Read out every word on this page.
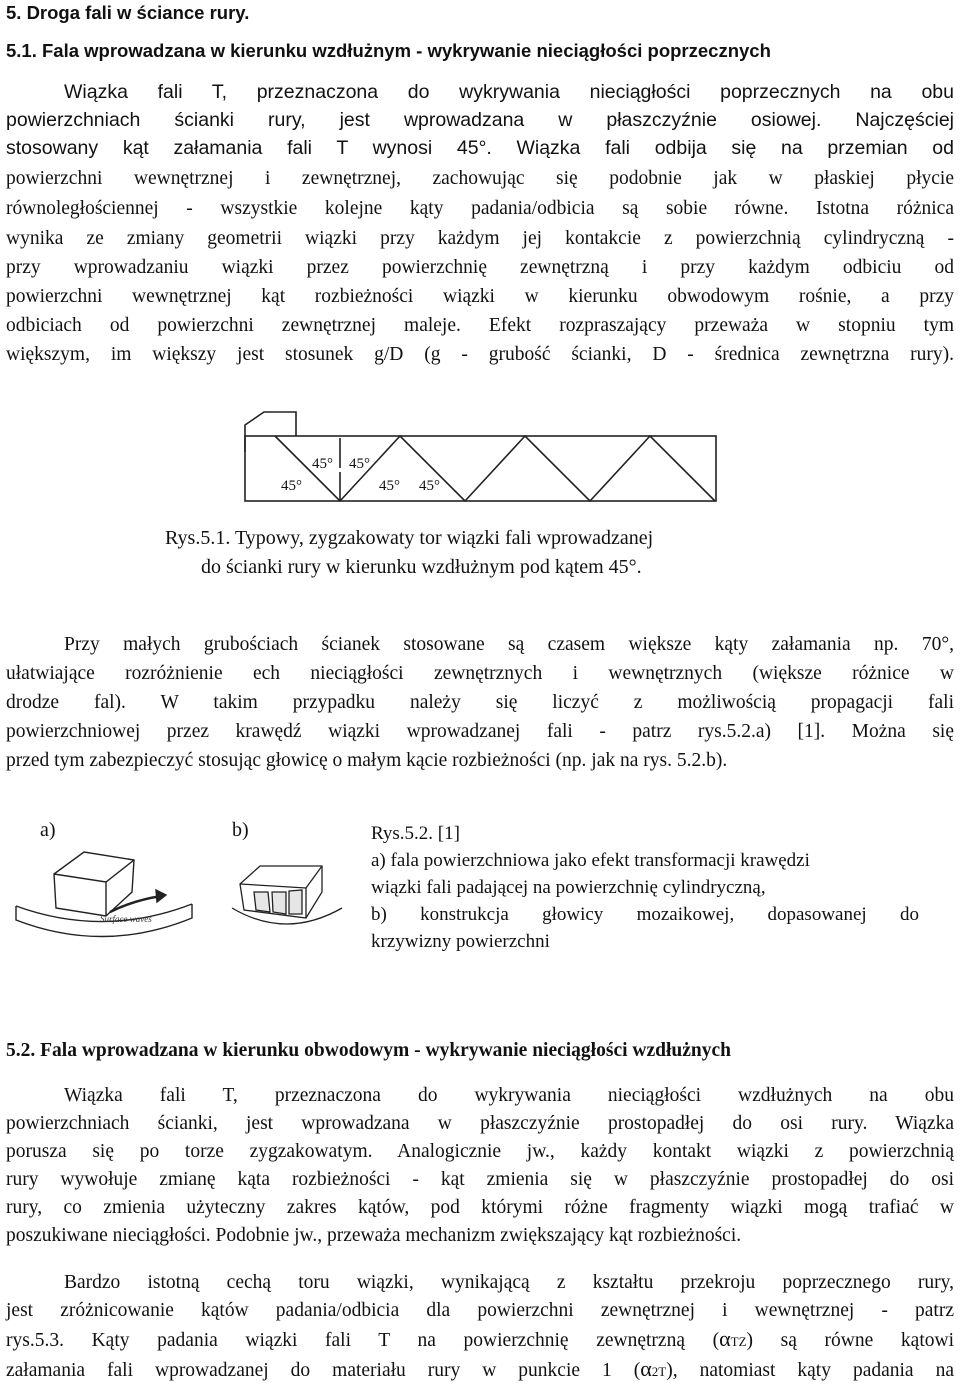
5. Droga fali w ściance rury.
5.1. Fala wprowadzana w kierunku wzdłużnym - wykrywanie nieciągłości poprzecznych
Wiązka fali T, przeznaczona do wykrywania nieciągłości poprzecznych na obu
powierzchniach ścianki rury, jest wprowadzana w płaszczyźnie osiowej. Najczęściej
stosowany kąt załamania fali T wynosi 45°. Wiązka fali odbija się na przemian od
powierzchni wewnętrznej i zewnętrznej, zachowując się podobnie jak w płaskiej płycie
równoległościennej - wszystkie kolejne kąty padania/odbicia są sobie równe. Istotna różnica
wynika ze zmiany geometrii wiązki przy każdym jej kontakcie z powierzchnią cylindryczną -
przy wprowadzaniu wiązki przez powierzchnię zewnętrzną i przy każdym odbiciu od
powierzchni wewnętrznej kąt rozbieżności wiązki w kierunku obwodowym rośnie, a przy
odbiciach od powierzchni zewnętrznej maleje. Efekt rozpraszający przeważa w stopniu tym
większym, im większy jest stosunek g/D (g - grubość ścianki, D - średnica zewnętrzna rury).
45° 45°
45°	45° 45°
Rys.5.1. Typowy, zygzakowaty tor wiązki fali wprowadzanej
do ścianki rury w kierunku wzdłużnym pod kątem 45°.
Przy małych grubościach ścianek stosowane są czasem większe kąty załamania np. 70°,
ułatwiające rozróżnienie ech nieciągłości zewnętrznych i wewnętrznych (większe różnice w
drodze fal). W takim przypadku należy się liczyć z możliwością propagacji fali
powierzchniowej przez krawędź wiązki wprowadzanej fali - patrz rys.5.2.a) [1]. Można się
przed tym zabezpieczyć stosując głowicę o małym kącie rozbieżności (np. jak na rys. 5.2.b).
a)	b)
Surface waves
Rys.5.2. [1]
a) fala powierzchniowa jako efekt transformacji krawędzi
wiązki fali padającej na powierzchnię cylindryczną,
b) konstrukcja głowicy mozaikowej, dopasowanej do
krzywizny powierzchni
5.2. Fala wprowadzana w kierunku obwodowym - wykrywanie nieciągłości wzdłużnych
Wiązka fali T, przeznaczona do wykrywania nieciągłości wzdłużnych na obu
powierzchniach ścianki, jest wprowadzana w płaszczyźnie prostopadłej do osi rury. Wiązka
porusza się po torze zygzakowatym. Analogicznie jw., każdy kontakt wiązki z powierzchnią
rury wywołuje zmianę kąta rozbieżności - kąt zmienia się w płaszczyźnie prostopadłej do osi
rury, co zmienia użyteczny zakres kątów, pod którymi różne fragmenty wiązki mogą trafiać w
poszukiwane nieciągłości. Podobnie jw., przeważa mechanizm zwiększający kąt rozbieżności.
Bardzo istotną cechą toru wiązki, wynikającą z kształtu przekroju poprzecznego rury,
jest zróżnicowanie kątów padania/odbicia dla powierzchni zewnętrznej i wewnętrznej - patrz
rys.5.3. Kąty padania wiązki fali T na powierzchnię zewnętrzną (αTZ) są równe kątowi
załamania fali wprowadzanej do materiału rury w punkcie 1 (α2T), natomiast kąty padania na
